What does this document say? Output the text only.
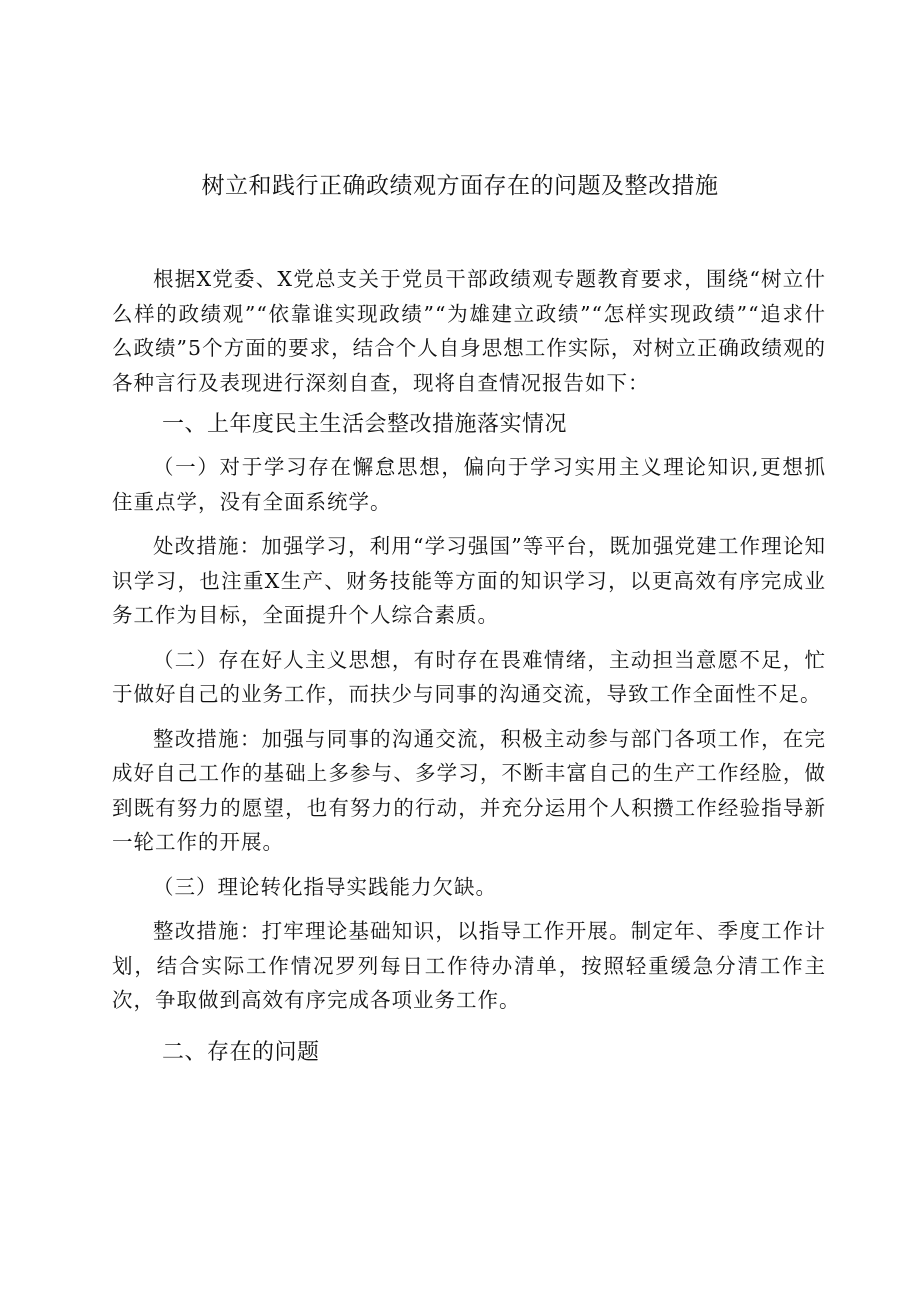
树立和践行正确政绩观方面存在的问题及整改措施

根据X党委、X党总支关于党员干部政绩观专题教育要求，围绕“树立什么样的政绩观”“依靠谁实现政绩”“为雄建立政绩”“怎样实现政绩”“追求什么政绩”5个方面的要求，结合个人自身思想工作实际，对树立正确政绩观的各种言行及表现进行深刻自查，现将自查情况报告如下：

一、上年度民主生活会整改措施落实情况

（一）对于学习存在懈怠思想，偏向于学习实用主义理论知识,更想抓住重点学，没有全面系统学。

处改措施：加强学习，利用“学习强国”等平台，既加强党建工作理论知识学习，也注重X生产、财务技能等方面的知识学习，以更高效有序完成业务工作为目标，全面提升个人综合素质。

（二）存在好人主义思想，有时存在畏难情绪，主动担当意愿不足，忙于做好自己的业务工作，而扶少与同事的沟通交流，导致工作全面性不足。

整改措施：加强与同事的沟通交流，积极主动参与部门各项工作，在完成好自己工作的基础上多参与、多学习，不断丰富自己的生产工作经脸，做到既有努力的愿望，也有努力的行动，并充分运用个人积攒工作经验指导新一轮工作的开展。

（三）理论转化指导实践能力欠缺。

整改措施：打牢理论基础知识，以指导工作开展。制定年、季度工作计划，结合实际工作情况罗列每日工作待办清单，按照轻重缓急分清工作主次，争取做到高效有序完成各项业务工作。

二、存在的问题
